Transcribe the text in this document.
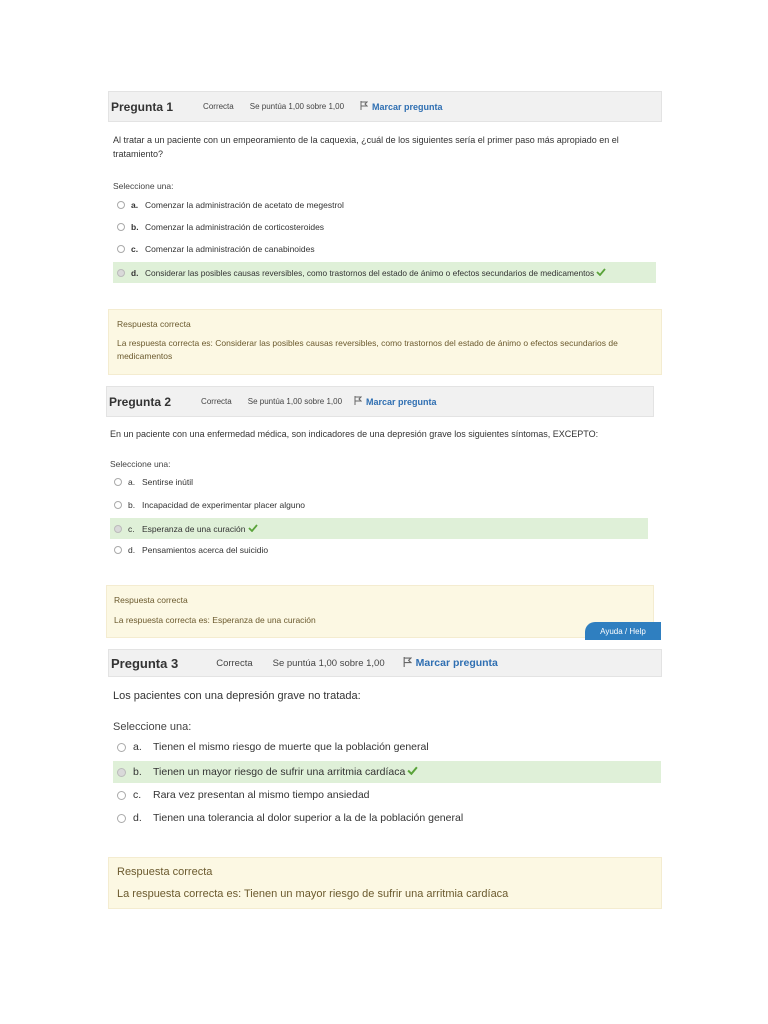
Pregunta 1	Correcta Se puntúa 1,00 sobre 1,00	Marcar pregunta
Al tratar a un paciente con un empeoramiento de la caquexia, ¿cuál de los siguientes sería el primer paso más apropiado en el tratamiento?
Seleccione una:
a. Comenzar la administración de acetato de megestrol
b. Comenzar la administración de corticosteroides
c. Comenzar la administración de canabinoides
d. Considerar las posibles causas reversibles, como trastornos del estado de ánimo o efectos secundarios de medicamentos
Respuesta correcta
La respuesta correcta es: Considerar las posibles causas reversibles, como trastornos del estado de ánimo o efectos secundarios de medicamentos
Pregunta 2	Correcta Se puntúa 1,00 sobre 1,00	Marcar pregunta
En un paciente con una enfermedad médica, son indicadores de una depresión grave los siguientes síntomas, EXCEPTO:
Seleccione una:
a. Sentirse inútil
b. Incapacidad de experimentar placer alguno
c. Esperanza de una curación
d. Pensamientos acerca del suicidio
Respuesta correcta
La respuesta correcta es: Esperanza de una curación
Ayuda / Help
Pregunta 3	Correcta Se puntúa 1,00 sobre 1,00	Marcar pregunta
Los pacientes con una depresión grave no tratada:
Seleccione una:
a.	Tienen el mismo riesgo de muerte que la población general
b.	Tienen un mayor riesgo de sufrir una arritmia cardíaca
c.	Rara vez presentan al mismo tiempo ansiedad
d.	Tienen una tolerancia al dolor superior a la de la población general
Respuesta correcta
La respuesta correcta es: Tienen un mayor riesgo de sufrir una arritmia cardíaca
